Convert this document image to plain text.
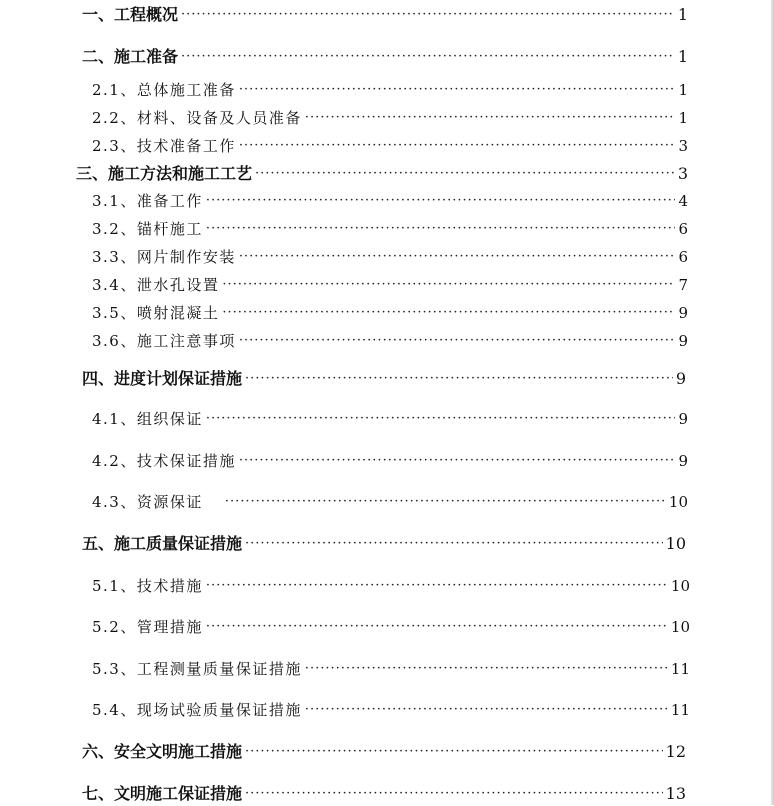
一、工程概况 ·····	1
二、施工准备 ·····	1
2.1、总体施工准备 ·····	1
2.2、材料、设备及人员准备 ·····	1
2.3、技术准备工作 ·····	3
三、施工方法和施工工艺 ·····	3
3.1、准备工作 ·····	4
3.2、锚杆施工 ·····	6
3.3、网片制作安装 ·····	6
3.4、泄水孔设置 ·····	7
3.5、喷射混凝土 ·····	9
3.6、施工注意事项 ·····	9
四、进度计划保证措施 ·····	9
4.1、组织保证 ·····	9
4.2、技术保证措施 ·····	9
4.3、资源保证 ·····	10
五、施工质量保证措施 ·····	10
5.1、技术措施 ·····	10
5.2、管理措施 ·····	10
5.3、工程测量质量保证措施 ·····	11
5.4、现场试验质量保证措施 ·····	11
六、安全文明施工措施 ·····	12
七、文明施工保证措施 ·····	13
